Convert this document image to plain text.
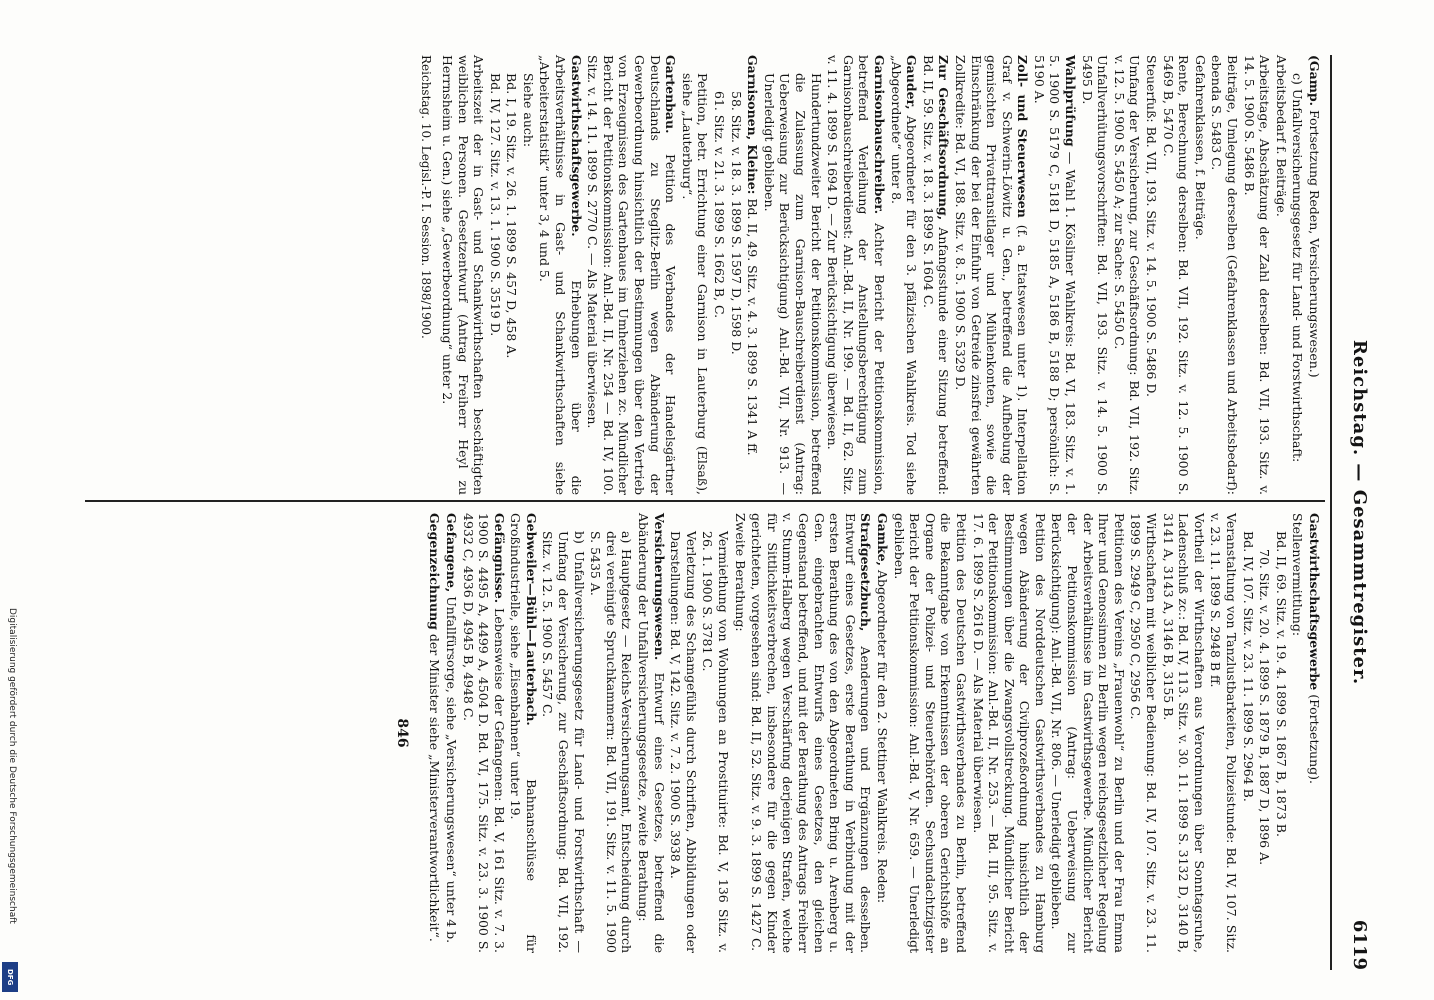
Reichstag. — Gesammtregister.
6119

(Gamp. Fortsetzung Reden, Versicherungswesen.)

c) Unfallversicherungsgesetz für Land- und Forstwirthschaft:

Arbeitsbedarf f. Beiträge.

Arbeitstage, Abschätzung der Zahl derselben: Bd. VII, 193. Sitz. v. 14. 5. 1900 S. 5486 B.

Beiträge, Umlegung derselben (Gefahrenklassen und Arbeitsbedarf): ebenda S. 5483 C.

Gefahrenklassen, f. Beiträge.

Rente, Berechnung derselben: Bd. VII, 192. Sitz. v. 12. 5. 1900 S. 5469 B, 5470 C.

Steuerfuß: Bd. VII, 193. Sitz. v. 14. 5. 1900 S. 5486 D.

Umfang der Versicherung, zur Geschäftsordnung: Bd. VII, 192. Sitz. v. 12. 5. 1900 S. 5450 A; zur Sache: S. 5450 C.

Unfallverhütungsvorschriften: Bd. VII, 193. Sitz. v. 14. 5. 1900 S. 5495 D.

Wahlprüfung — Wahl 1. Kösliner Wahlkreis: Bd. VI, 183. Sitz. v. 1. 5. 1900 S. 5179 C, 5181 D, 5185 A, 5186 B, 5188 D; persönlich: S. 5190 A.

Zoll- und Steuerwesen (f. a. Etatswesen unter 1). Interpellation Graf v. Schwerin-Löwitz u. Gen., betreffend die Aufhebung der gemischten Privattransitlager und Mühlenkonten, sowie die Einschränkung der bei der Einfuhr von Getreide zinsfrei gewährten Zollkredite: Bd. VI, 188. Sitz. v. 8. 5. 1900 S. 5329 D.

Zur Geschäftsordnung, Anfangsstunde einer Sitzung betreffend: Bd. II, 59. Sitz. v. 18. 3. 1899 S. 1604 C.

Gauder, Abgeordneter für den 3. pfälzischen Wahlkreis. Tod siehe „Abgeordnete“ unter 8.

Garnisonbauschreiber. Achter Bericht der Petitionskommission, betreffend Verleihung der Anstellungsberechtigung zum Garnisonbauschreiberdienst: Anl.-Bd. II, Nr. 199. — Bd. II, 62. Sitz. v. 11. 4. 1899 S. 1694 D. — Zur Berücksichtigung überwiesen.

Hundertundzweiter Bericht der Petitionskommission, betreffend die Zulassung zum Garnison-Bauschreiberdienst (Antrag: Ueberweisung zur Berücksichtigung) Anl.-Bd. VII, Nr. 913. — Unerledigt geblieben.

Garnisonen, Kleine: Bd. II, 49. Sitz. v. 4. 3. 1899 S. 1341 A ff.

58. Sitz. v. 18. 3. 1899 S. 1597 D, 1598 D.

61. Sitz. v. 21. 3. 1899 S. 1662 B, C.

Petition, betr. Errichtung einer Garnison in Lauterburg (Elsaß), siehe „Lauterburg“.

Gartenbau. Petition des Verbandes der Handelsgärtner Deutschlands zu Steglitz-Berlin wegen Abänderung der Gewerbeordnung hinsichtlich der Bestimmungen über den Vertrieb von Erzeugnissen des Gartenbaues im Umherziehen zc. Mündlicher Bericht der Petitionskommission: Anl.-Bd. II, Nr. 254 — Bd. IV, 100. Sitz. v. 14. 11. 1899 S. 2770 C. — Als Material überwiesen.

Gastwirthschaftsgewerbe. Erhebungen über die Arbeitsverhältnisse in Gast- und Schankwirthschaften siehe „Arbeiterstatistik“ unter 3, 4 und 5.

Siehe auch:

Bd. I, 19. Sitz. v. 26. 1. 1899 S. 457 D, 458 A.

Bd. IV, 127. Sitz. v. 13. 1. 1900 S. 3519 D.

Arbeitszeit der in Gast- und Schankwirthschaften beschäftigten weiblichen Personen. Gesetzentwurf (Antrag Freiherr Heyl zu Herrnsheim u. Gen.) siehe „Gewerbeordnung“ unter 2.

Reichstag. 10. Legisl.-P. I. Session. 1898/1900.

Gastwirthschaftsgewerbe (Fortsetzung).

Stellenvermittlung:

Bd. II, 69. Sitz. v. 19. 4. 1899 S. 1867 B, 1873 B.

70. Sitz. v. 20. 4. 1899 S. 1879 B, 1887 D, 1896 A.

Bd. IV, 107. Sitz. v. 23. 11. 1899 S. 2964 B.

Veranstaltung von Tanzlustbarkeiten, Polizeistunde: Bd. IV, 107. Sitz. v. 23. 11. 1899 S. 2948 B ff.

Vortheil der Wirthschaften aus Verordnungen über Sonntagsruhe, Ladenschluß zc.: Bd. IV, 113. Sitz. v. 30. 11. 1899 S. 3132 D, 3140 B, 3141 A, 3143 A, 3146 B, 3155 B.

Wirthschaften mit weiblicher Bedienung: Bd. IV, 107. Sitz. v. 23. 11. 1899 S. 2949 C, 2950 C, 2956 C.

Petitionen des Vereins „Frauenwohl“ zu Berlin und der Frau Emma Ihrer und Genossinnen zu Berlin wegen reichsgesetzlicher Regelung der Arbeitsverhältnisse im Gastwirthsgewerbe. Mündlicher Bericht der Petitionskommission (Antrag: Ueberweisung zur Berücksichtigung): Anl.-Bd. VII, Nr. 806. — Unerledigt geblieben.

Petition des Norddeutschen Gastwirthsverbandes zu Hamburg wegen Abänderung der Civilprozeßordnung hinsichtlich der Bestimmungen über die Zwangsvollstreckung. Mündlicher Bericht der Petitionskommission: Anl.-Bd. II, Nr. 253. — Bd. III, 95. Sitz. v. 17. 6. 1899 S. 2616 D. — Als Material überwiesen.

Petition des Deutschen Gastwirthsverbandes zu Berlin, betreffend die Bekanntgabe von Erkenntnissen der oberen Gerichtshöfe an Organe der Polizei- und Steuerbehörden. Sechsundachtzigster Bericht der Petitionskommission: Anl.-Bd. V, Nr. 659. — Unerledigt geblieben.

Gamke, Abgeordneter für den 2. Stettiner Wahlkreis. Reden:

Strafgesetzbuch, Aenderungen und Ergänzungen desselben. Entwurf eines Gesetzes, erste Berathung in Verbindung mit der ersten Berathung des von den Abgeordneten Bring u. Arenberg u. Gen. eingebrachten Entwurfs eines Gesetzes, den gleichen Gegenstand betreffend, und mit der Berathung des Antrags Freiherr v. Stumm-Halberg wegen Verschärfung derjenigen Strafen, welche für Sittlichkeitsverbrechen, insbesondere für die gegen Kinder gerichteten, vorgesehen sind: Bd. II, 52. Sitz. v. 9. 3. 1899 S. 1427 C.

Zweite Berathung:

Vermiethung von Wohnungen an Prostituirte: Bd. V, 136 Sitz. v. 26. 1. 1900 S. 3781 C.

Verletzung des Schamgefühls durch Schriften, Abbildungen oder Darstellungen: Bd. V, 142. Sitz. v. 7. 2. 1900 S. 3938 A.

Versicherungswesen. Entwurf eines Gesetzes, betreffend die Abänderung der Unfallversicherungsgesetze, zweite Berathung:

a) Hauptgesetz — Reichs-Versicherungsamt, Entscheidung durch drei vereinigte Spruchkammern: Bd. VII, 191. Sitz. v. 11. 5. 1900 S. 5435 A.

b) Unfallversicherungsgesetz für Land- und Forstwirthschaft — Umfang der Versicherung, zur Geschäftsordnung: Bd. VII, 192. Sitz. v. 12. 5. 1900 S. 5457 C.

Gebweiler—Bühl—Lauterbach. Bahnanschlüsse für Großindustrielle, siehe „Eisenbahnen“ unter 19.

Gefängnisse. Lebensweise der Gefangenen: Bd. V, 161 Sitz. v. 7. 3. 1900 S. 4495 A, 4499 A, 4504 D. Bd. VI, 175. Sitz. v. 23. 3. 1900 S. 4932 C, 4936 D, 4945 B, 4948 C.

Gefangene, Unfallfürsorge, siehe „Versicherungswesen“ unter 4 b.

Gegenzeichnung der Minister siehe „Ministerverantwortlichkeit“.

846
Digitalisierung gefördert durch die Deutsche Forschungsgemeinschaft
DFG
